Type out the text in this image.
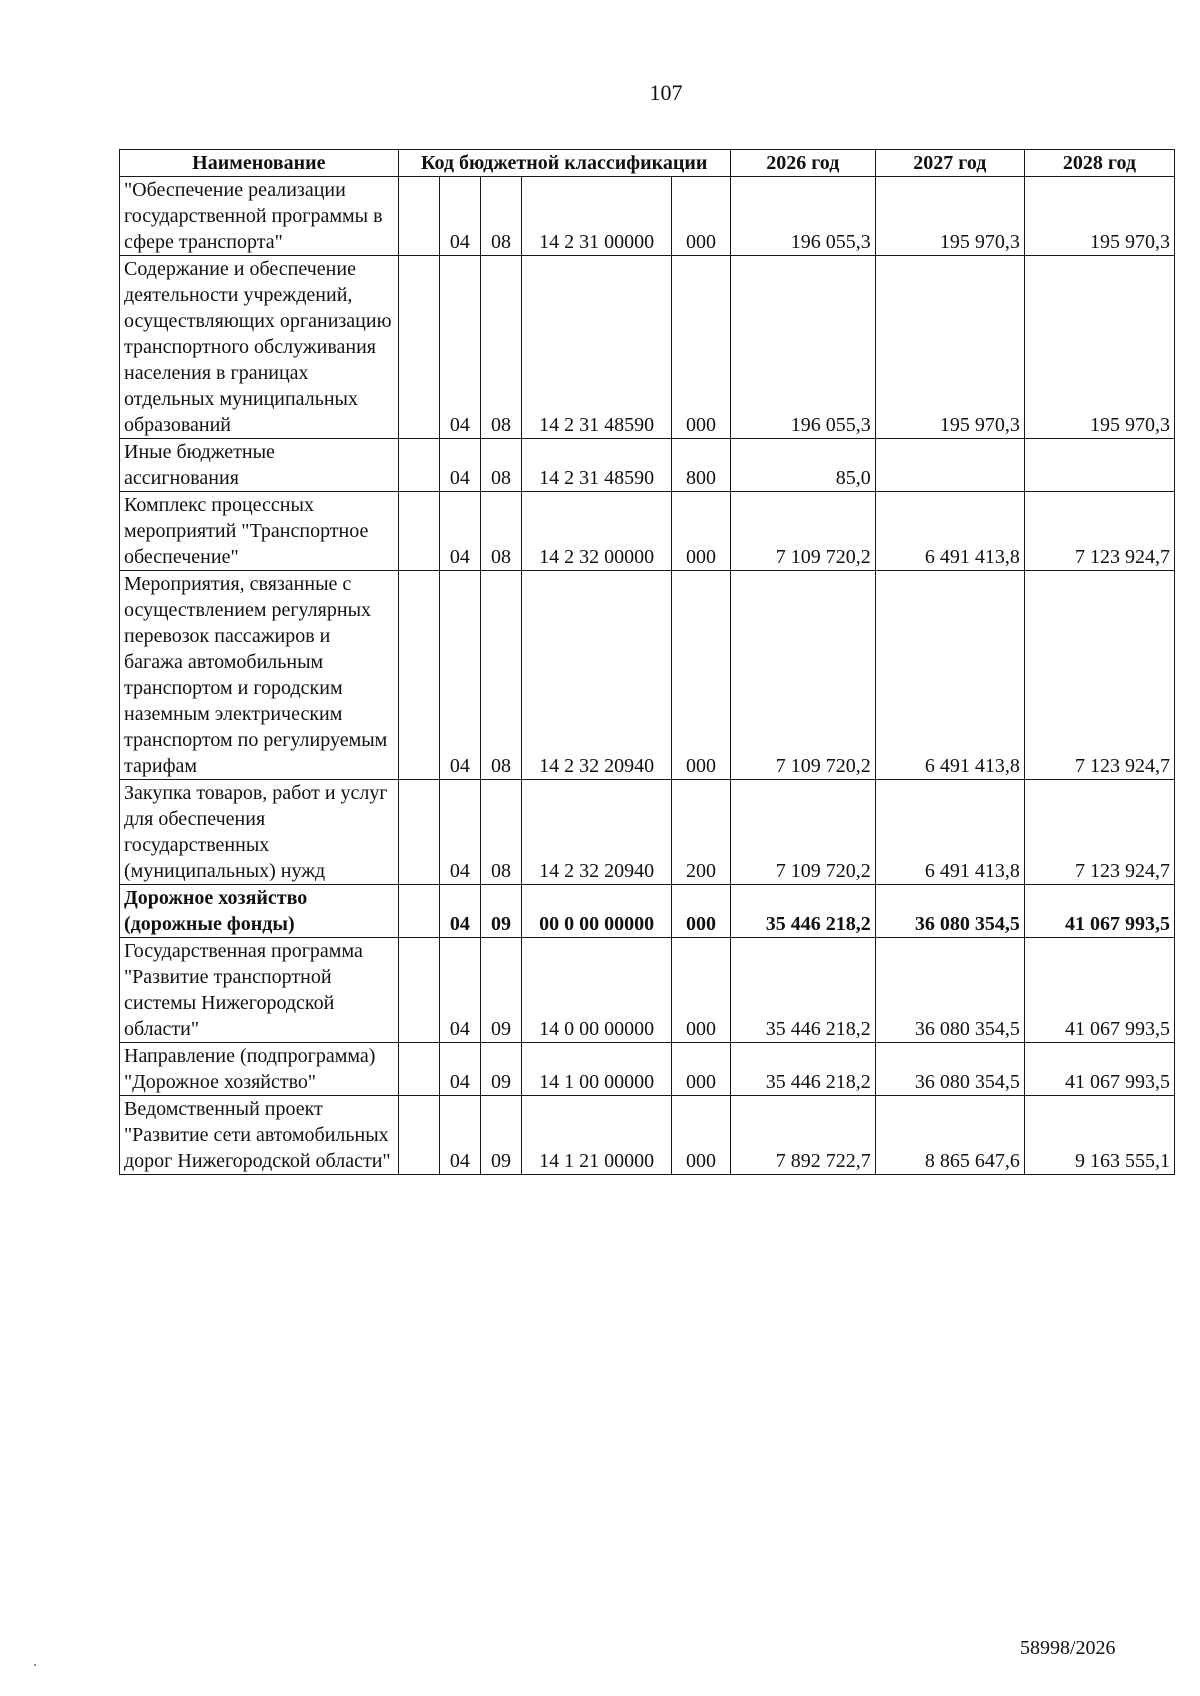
107
Наименование	Код бюджетной классификации					2026 год	2027 год	2028 год
"Обеспечение реализации государственной программы в сфере транспорта"		04	08	14 2 31 00000	000	196 055,3	195 970,3	195 970,3
Содержание и обеспечение деятельности учреждений, осуществляющих организацию транспортного обслуживания населения в границах отдельных муниципальных образований		04	08	14 2 31 48590	000	196 055,3	195 970,3	195 970,3
Иные бюджетные ассигнования		04	08	14 2 31 48590	800	85,0		
Комплекс процессных мероприятий "Транспортное обеспечение"		04	08	14 2 32 00000	000	7 109 720,2	6 491 413,8	7 123 924,7
Мероприятия, связанные с осуществлением регулярных перевозок пассажиров и багажа автомобильным транспортом и городским наземным электрическим транспортом по регулируемым тарифам		04	08	14 2 32 20940	000	7 109 720,2	6 491 413,8	7 123 924,7
Закупка товаров, работ и услуг для обеспечения государственных (муниципальных) нужд		04	08	14 2 32 20940	200	7 109 720,2	6 491 413,8	7 123 924,7
Дорожное хозяйство (дорожные фонды)		04	09	00 0 00 00000	000	35 446 218,2	36 080 354,5	41 067 993,5
Государственная программа "Развитие транспортной системы Нижегородской области"		04	09	14 0 00 00000	000	35 446 218,2	36 080 354,5	41 067 993,5
Направление (подпрограмма) "Дорожное хозяйство"		04	09	14 1 00 00000	000	35 446 218,2	36 080 354,5	41 067 993,5
Ведомственный проект "Развитие сети автомобильных дорог Нижегородской области"		04	09	14 1 21 00000	000	7 892 722,7	8 865 647,6	9 163 555,1
58998/2026
